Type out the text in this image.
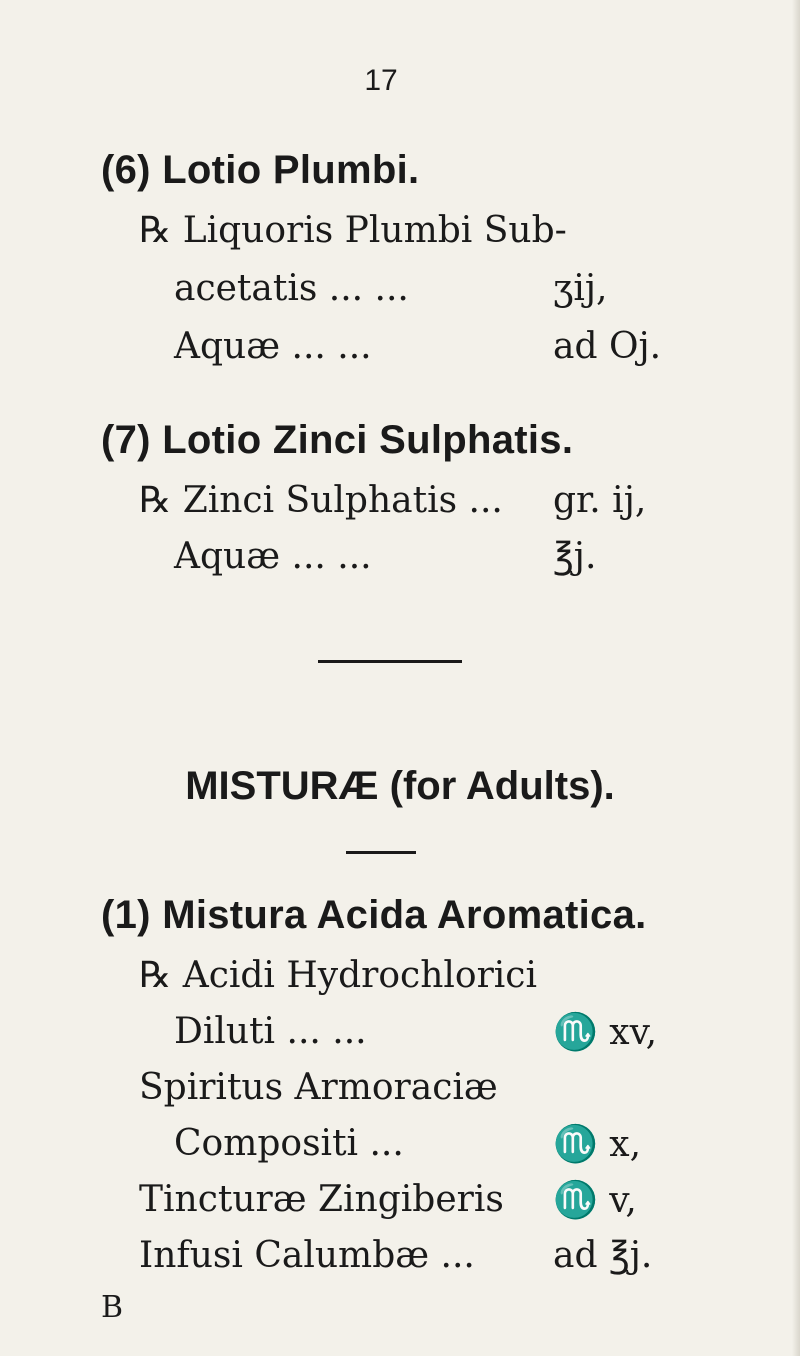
17
(6) Lotio Plumbi.
℞ Liquoris Plumbi Sub-
acetatis ... ...	ʒij,
Aquæ ... ...	ad Oj.
(7) Lotio Zinci Sulphatis.
℞ Zinci Sulphatis ... gr. ij,
Aquæ ... ...	℥j.
MISTURÆ (for Adults).
(1) Mistura Acida Aromatica.
℞ Acidi Hydrochlorici
Diluti ... ...	♏ xv,
Spiritus Armoraciæ
Compositi ...	♏ x,
Tincturæ Zingiberis ♏ v,
Infusi Calumbæ ... ad ℥j.
B
